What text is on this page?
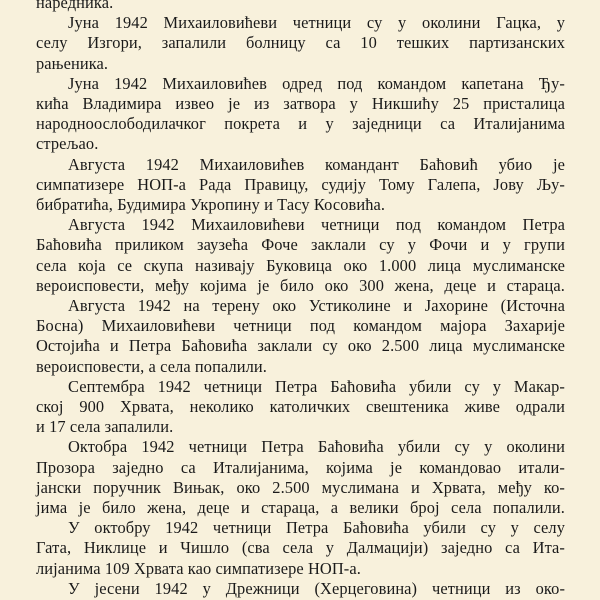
наредника.
Јуна 1942 Михаиловићеви четници су у околини Гацка, у
селу Изгори, запалили болницу са 10 тешких партизанских
рањеника.
Јуна 1942 Михаиловићев одред под командом капетана Ђу-
кића Владимира извео је из затвора у Никшићу 25 присталица
народноослободилачког покрета и у заједници са Италијанима
стрељао.
Августа 1942 Михаиловићев командант Баћовић убио је
симпатизере НОП-а Рада Правицу, судију Тому Галепа, Јову Љу-
бибратића, Будимира Укропину и Тасу Косовића.
Августа 1942 Михаиловићеви четници под командом Петра
Баћовића приликом заузећа Фоче заклали су у Фочи и у групи
села која се скупа називају Буковица око 1.000 лица муслиманске
вероисповести, међу којима је било око 300 жена, деце и стараца.
Августа 1942 на терену око Устиколине и Јахорине (Источна
Босна) Михаиловићеви четници под командом мајора Захарије
Остојића и Петра Баћовића заклали су око 2.500 лица муслиманске
вероисповести, а села попалили.
Септембра 1942 четници Петра Баћовића убили су у Макар-
ској 900 Хрвата, неколико католичких свештеника живе одрали
и 17 села запалили.
Октобра 1942 четници Петра Баћовића убили су у околини
Прозора заједно са Италијанима, којима је командовао итали-
јански поручник Вињак, око 2.500 муслимана и Хрвата, међу ко-
јима је било жена, деце и стараца, а велики број села попалили.
У октобру 1942 четници Петра Баћовића убили су у селу
Гата, Никлице и Чишло (сва села у Далмацији) заједно са Ита-
лијанима 109 Хрвата као симпатизере НОП-а.
У јесени 1942 у Дрежници (Херцеговина) четници из око-
